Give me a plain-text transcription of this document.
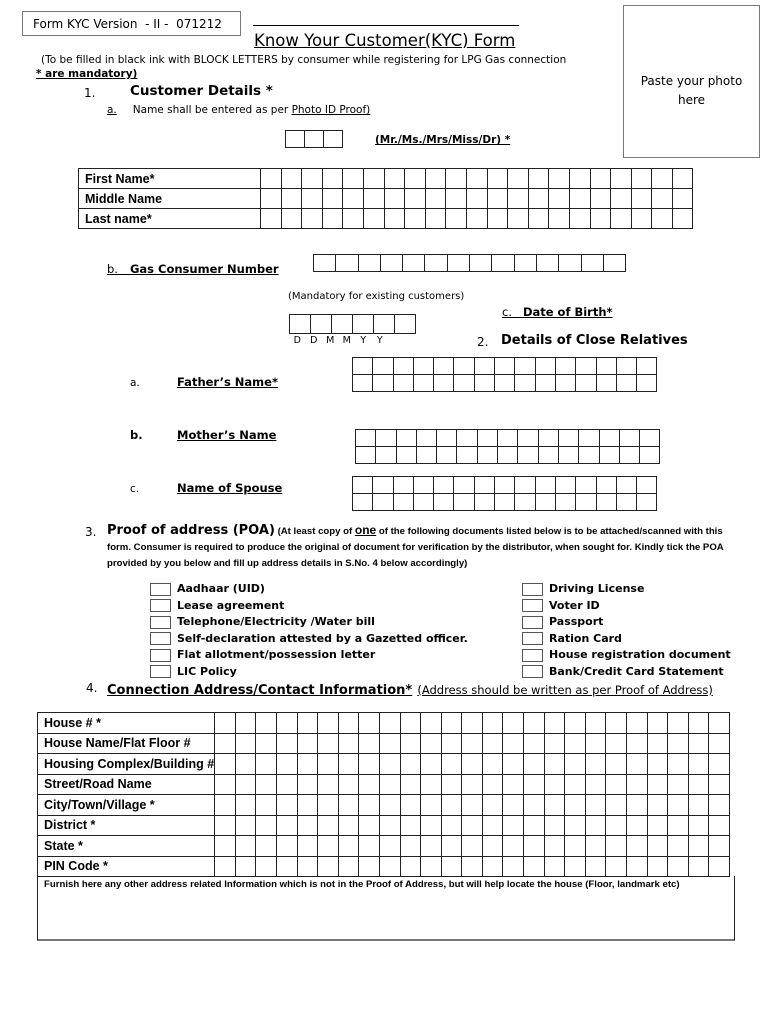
Form KYC Version  - II -  071212
Know Your Customer(KYC) Form
(To be filled in black ink with BLOCK LETTERS by consumer while registering for LPG Gas connection
* are mandatory)	Paste your photo
here
1.	Customer Details *
a. Name shall be entered as per Photo ID Proof)

(Mr./Ms./Mrs/Miss/Dr) *
First Name*																					
Middle Name																					
Last name*																					
b. Gas Consumer Number

(Mandatory for existing customers)
c. Date of Birth*

D D M M Y Y	2. Details of Close Relatives
a.	Father’s Name*

b.	Mother’s Name

c.	Name of Spouse

3. Proof of address (POA) (At least copy of one of the following documents listed below is to be attached/scanned with this form. Consumer is required to produce the original of document for verification by the distributor, when sought for. Kindly tick the POA provided by you below and fill up address details in S.No. 4 below accordingly)
Aadhaar (UID)
Lease agreement
Telephone/Electricity /Water bill
Self-declaration attested by a Gazetted officer.
Flat allotment/possession letter
LIC Policy
Driving License
Voter ID
Passport
Ration Card
House registration document
Bank/Credit Card Statement
4. Connection Address/Contact Information* (Address should be written as per Proof of Address)
House # *																									
House Name/Flat Floor #																									
Housing Complex/Building #																									
Street/Road Name																									
City/Town/Village *																									
District *																									
State *																									
PIN Code *																									
Furnish here any other address related Information which is not in the Proof of Address, but will help locate the house (Floor, landmark etc)
